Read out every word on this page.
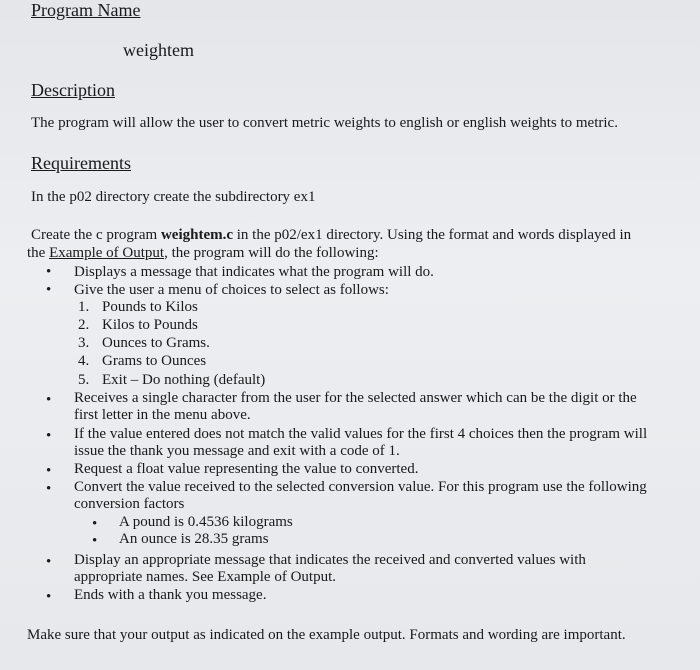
Program Name
weightem
Description
The program will allow the user to convert metric weights to english or english weights to metric.
Requirements
In the p02 directory create the subdirectory ex1
Create the c program weightem.c in the p02/ex1 directory. Using the format and words displayed in
the Example of Output, the program will do the following:
• Displays a message that indicates what the program will do.
• Give the user a menu of choices to select as follows:
1. Pounds to Kilos
2. Kilos to Pounds
3. Ounces to Grams.
4. Grams to Ounces
5. Exit – Do nothing (default)
• Receives a single character from the user for the selected answer which can be the digit or the
first letter in the menu above.
• If the value entered does not match the valid values for the first 4 choices then the program will
issue the thank you message and exit with a code of 1.
• Request a float value representing the value to converted.
• Convert the value received to the selected conversion value. For this program use the following
conversion factors
• A pound is 0.4536 kilograms
• An ounce is 28.35 grams
• Display an appropriate message that indicates the received and converted values with
appropriate names. See Example of Output.
• Ends with a thank you message.
Make sure that your output as indicated on the example output. Formats and wording are important.
